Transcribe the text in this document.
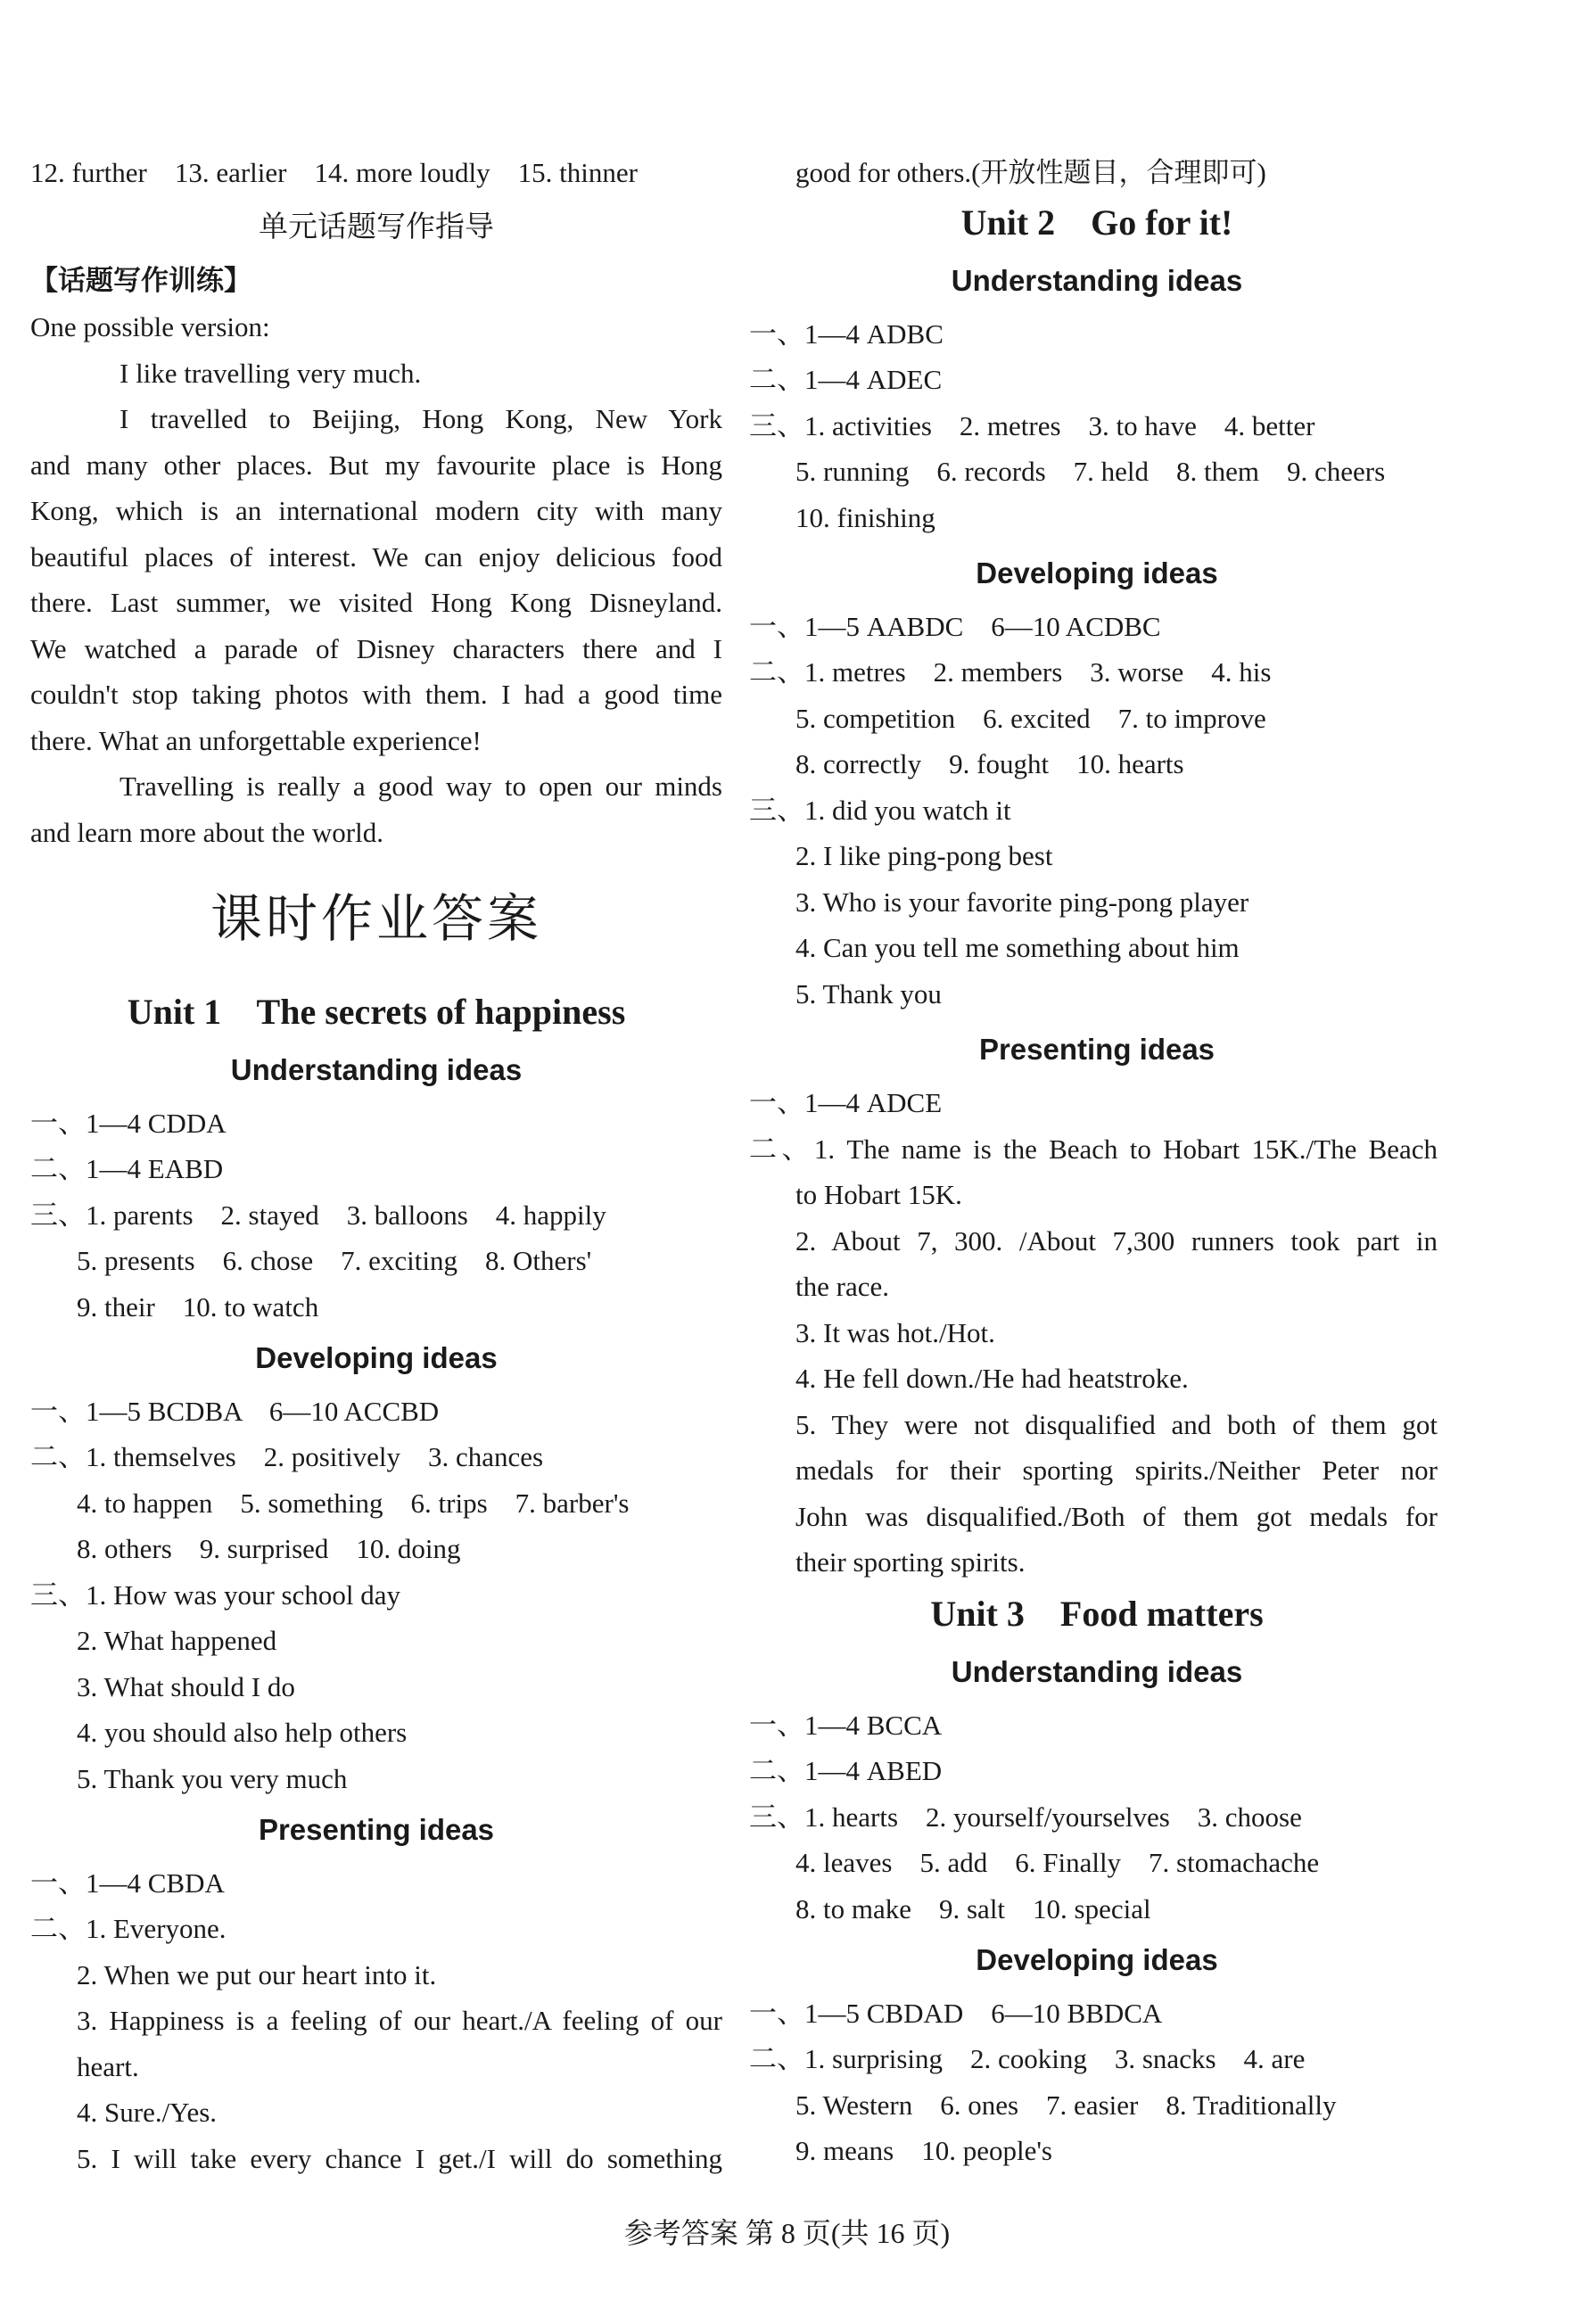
12. further    13. earlier    14. more loudly    15. thinner
单元话题写作指导
【话题写作训练】
One possible version:
I like travelling very much.
I travelled to Beijing, Hong Kong, New York
and many other places. But my favourite place is Hong
Kong, which is an international modern city with many
beautiful places of interest. We can enjoy delicious food
there. Last summer, we visited Hong Kong Disneyland.
We watched a parade of Disney characters there and I
couldn't stop taking photos with them. I had a good time
there. What an unforgettable experience!
Travelling is really a good way to open our minds
and learn more about the world.
课时作业答案
Unit 1    The secrets of happiness
Understanding ideas
一、1—4 CDDA
二、1—4 EABD
三、1. parents    2. stayed    3. balloons    4. happily
5. presents    6. chose    7. exciting    8. Others'
9. their    10. to watch
Developing ideas
一、1—5 BCDBA    6—10 ACCBD
二、1. themselves    2. positively    3. chances
4. to happen    5. something    6. trips    7. barber's
8. others    9. surprised    10. doing
三、1. How was your school day
2. What happened
3. What should I do
4. you should also help others
5. Thank you very much
Presenting ideas
一、1—4 CBDA
二、1. Everyone.
2. When we put our heart into it.
3. Happiness is a feeling of our heart./A feeling of our
heart.
4. Sure./Yes.
5. I will take every chance I get./I will do something
good for others.(开放性题目，合理即可)
Unit 2    Go for it!
Understanding ideas
一、1—4 ADBC
二、1—4 ADEC
三、1. activities    2. metres    3. to have    4. better
5. running    6. records    7. held    8. them    9. cheers
10. finishing
Developing ideas
一、1—5 AABDC    6—10 ACDBC
二、1. metres    2. members    3. worse    4. his
5. competition    6. excited    7. to improve
8. correctly    9. fought    10. hearts
三、1. did you watch it
2. I like ping-pong best
3. Who is your favorite ping-pong player
4. Can you tell me something about him
5. Thank you
Presenting ideas
一、1—4 ADCE
二、1. The name is the Beach to Hobart 15K./The Beach
to Hobart 15K.
2. About 7, 300. /About 7,300 runners took part in
the race.
3. It was hot./Hot.
4. He fell down./He had heatstroke.
5. They were not disqualified and both of them got
medals for their sporting spirits./Neither Peter nor
John was disqualified./Both of them got medals for
their sporting spirits.
Unit 3    Food matters
Understanding ideas
一、1—4 BCCA
二、1—4 ABED
三、1. hearts    2. yourself/yourselves    3. choose
4. leaves    5. add    6. Finally    7. stomachache
8. to make    9. salt    10. special
Developing ideas
一、1—5 CBDAD    6—10 BBDCA
二、1. surprising    2. cooking    3. snacks    4. are
5. Western    6. ones    7. easier    8. Traditionally
9. means    10. people's
参考答案 第 8 页(共 16 页)
